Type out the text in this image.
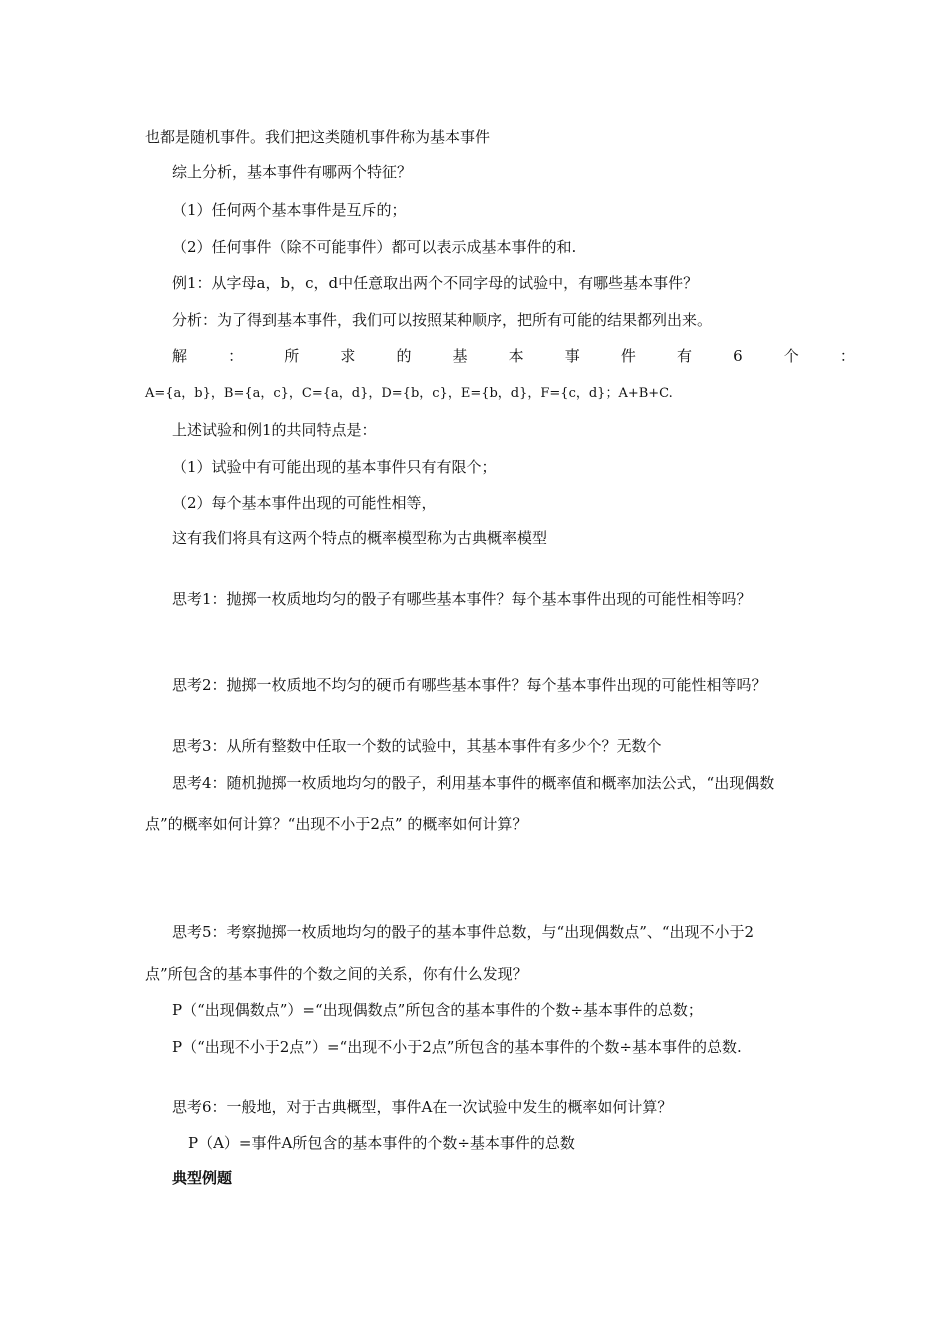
也都是随机事件。我们把这类随机事件称为基本事件
综上分析，基本事件有哪两个特征？
（1）任何两个基本事件是互斥的；
（2）任何事件（除不可能事件）都可以表示成基本事件的和.
例1：从字母a，b，c，d中任意取出两个不同字母的试验中，有哪些基本事件？
分析：为了得到基本事件，我们可以按照某种顺序，把所有可能的结果都列出来。
解	：	所	求	的	基	本	事	件	有	6	个	：
A={a，b}，B={a，c}，C={a，d}，D={b，c}，E={b，d}，F={c，d}；A+B+C.
上述试验和例1的共同特点是：
（1）试验中有可能出现的基本事件只有有限个；
（2）每个基本事件出现的可能性相等，
这有我们将具有这两个特点的概率模型称为古典概率模型
思考1：抛掷一枚质地均匀的骰子有哪些基本事件？每个基本事件出现的可能性相等吗？
思考2：抛掷一枚质地不均匀的硬币有哪些基本事件？每个基本事件出现的可能性相等吗？
思考3：从所有整数中任取一个数的试验中，其基本事件有多少个？无数个
思考4：随机抛掷一枚质地均匀的骰子，利用基本事件的概率值和概率加法公式，“出现偶数
点”的概率如何计算？“出现不小于2点” 的概率如何计算？
思考5：考察抛掷一枚质地均匀的骰子的基本事件总数，与“出现偶数点”、“出现不小于2
点”所包含的基本事件的个数之间的关系，你有什么发现？
P（“出现偶数点”）=“出现偶数点”所包含的基本事件的个数÷基本事件的总数；
P（“出现不小于2点”）=“出现不小于2点”所包含的基本事件的个数÷基本事件的总数.
思考6：一般地，对于古典概型，事件A在一次试验中发生的概率如何计算？
P（A）=事件A所包含的基本事件的个数÷基本事件的总数
典型例题
